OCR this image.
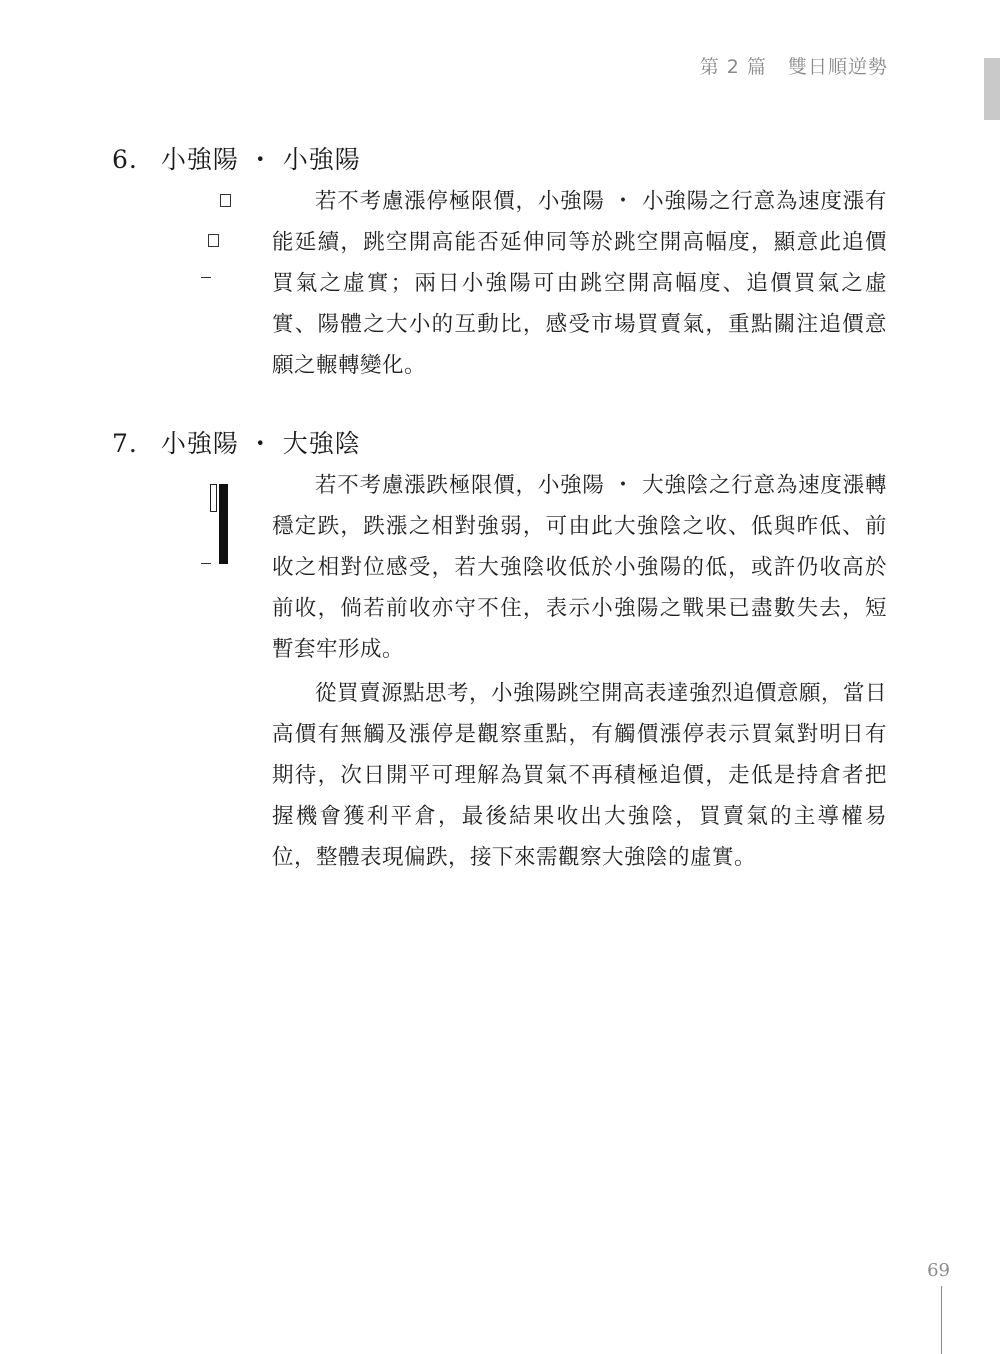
第 2 篇 雙日順逆勢
6. 小強陽 ・ 小強陽

若不考慮漲停極限價，小強陽 ・ 小強陽之行意為速度漲有能延續，跳空開高能否延伸同等於跳空開高幅度，顯意此追價買氣之虛實；兩日小強陽可由跳空開高幅度、追價買氣之虛實、陽體之大小的互動比，感受市場買賣氣，重點關注追價意願之輾轉變化。

7. 小強陽 ・ 大強陰

若不考慮漲跌極限價，小強陽 ・ 大強陰之行意為速度漲轉穩定跌，跌漲之相對強弱，可由此大強陰之收、低與昨低、前收之相對位感受，若大強陰收低於小強陽的低，或許仍收高於前收，倘若前收亦守不住，表示小強陽之戰果已盡數失去，短暫套牢形成。

從買賣源點思考，小強陽跳空開高表達強烈追價意願，當日高價有無觸及漲停是觀察重點，有觸價漲停表示買氣對明日有期待，次日開平可理解為買氣不再積極追價，走低是持倉者把握機會獲利平倉，最後結果收出大強陰，買賣氣的主導權易位，整體表現偏跌，接下來需觀察大強陰的虛實。

69
